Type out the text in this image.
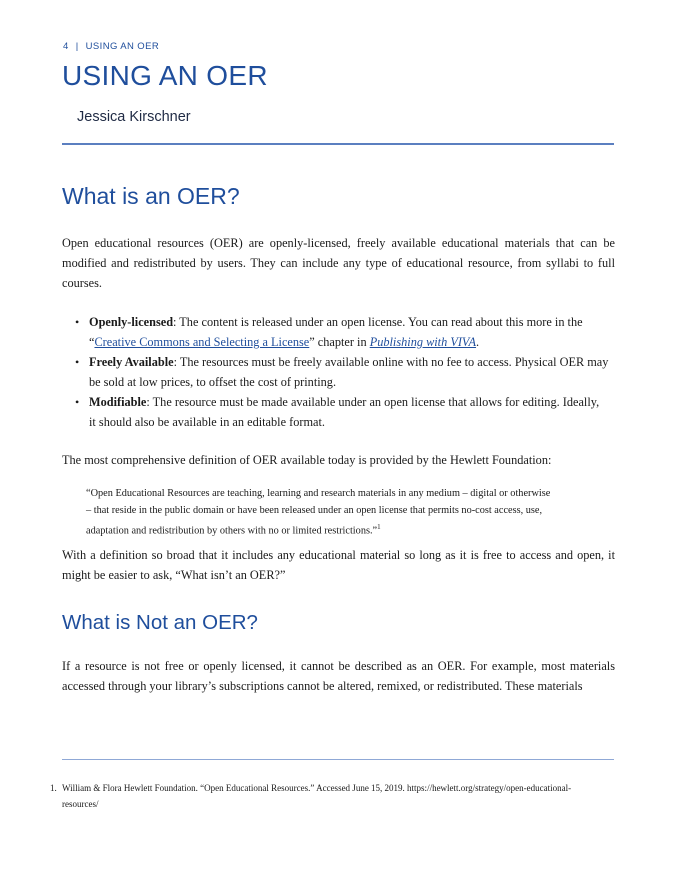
4 | USING AN OER
USING AN OER
Jessica Kirschner
What is an OER?

Open educational resources (OER) are openly-licensed, freely available educational materials that can be modified and redistributed by users. They can include any type of educational resource, from syllabi to full courses.

• Openly-licensed: The content is released under an open license. You can read about this more in the
“Creative Commons and Selecting a License” chapter in Publishing with VIVA.
• Freely Available: The resources must be freely available online with no fee to access. Physical OER may
be sold at low prices, to offset the cost of printing.
• Modifiable: The resource must be made available under an open license that allows for editing. Ideally,
it should also be available in an editable format.

The most comprehensive definition of OER available today is provided by the Hewlett Foundation:

“Open Educational Resources are teaching, learning and research materials in any medium – digital or otherwise
– that reside in the public domain or have been released under an open license that permits no-cost access, use,
adaptation and redistribution by others with no or limited restrictions.”$^1$

With a definition so broad that it includes any educational material so long as it is free to access and open, it might be easier to ask, “What isn’t an OER?”

What is Not an OER?

If a resource is not free or openly licensed, it cannot be described as an OER. For example, most materials accessed through your library’s subscriptions cannot be altered, remixed, or redistributed. These materials

1. William & Flora Hewlett Foundation. “Open Educational Resources.” Accessed June 15, 2019. https://hewlett.org/strategy/open-educational-
resources/
